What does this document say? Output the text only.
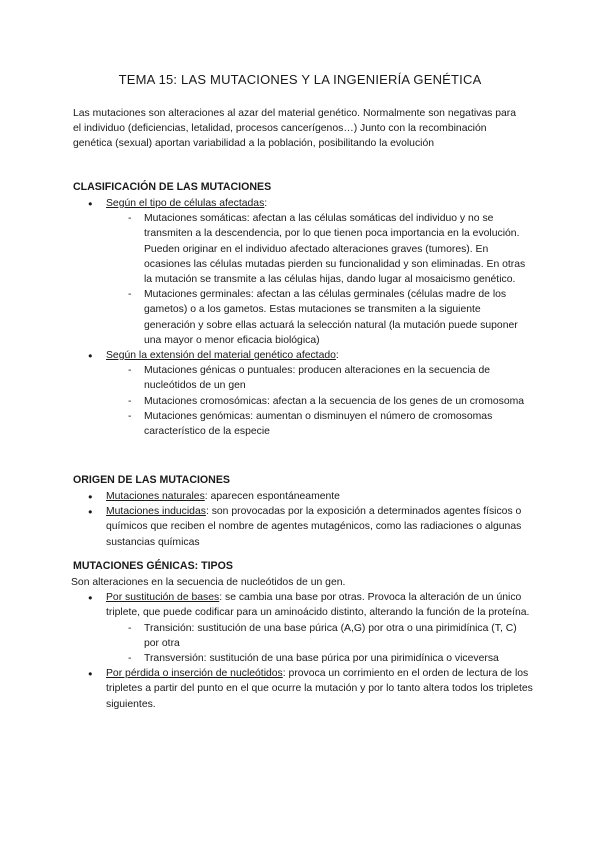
TEMA 15: LAS MUTACIONES Y LA INGENIERÍA GENÉTICA

Las mutaciones son alteraciones al azar del material genético. Normalmente son negativas para el individuo (deficiencias, letalidad, procesos cancerígenos…) Junto con la recombinación genética (sexual) aportan variabilidad a la población, posibilitando la evolución

CLASIFICACIÓN DE LAS MUTACIONES
● Según el tipo de células afectadas:
- Mutaciones somáticas: afectan a las células somáticas del individuo y no se transmiten a la descendencia, por lo que tienen poca importancia en la evolución. Pueden originar en el individuo afectado alteraciones graves (tumores). En ocasiones las células mutadas pierden su funcionalidad y son eliminadas. En otras la mutación se transmite a las células hijas, dando lugar al mosaicismo genético.
- Mutaciones germinales: afectan a las células germinales (células madre de los gametos) o a los gametos. Estas mutaciones se transmiten a la siguiente generación y sobre ellas actuará la selección natural (la mutación puede suponer una mayor o menor eficacia biológica)
● Según la extensión del material genético afectado:
- Mutaciones génicas o puntuales: producen alteraciones en la secuencia de nucleótidos de un gen
- Mutaciones cromosómicas: afectan a la secuencia de los genes de un cromosoma
- Mutaciones genómicas: aumentan o disminuyen el número de cromosomas característico de la especie
ORIGEN DE LAS MUTACIONES
● Mutaciones naturales: aparecen espontáneamente
● Mutaciones inducidas: son provocadas por la exposición a determinados agentes físicos o químicos que reciben el nombre de agentes mutagénicos, como las radiaciones o algunas sustancias químicas
MUTACIONES GÉNICAS: TIPOS

Son alteraciones en la secuencia de nucleótidos de un gen.

● Por sustitución de bases: se cambia una base por otras. Provoca la alteración de un único triplete, que puede codificar para un aminoácido distinto, alterando la función de la proteína.
- Transición: sustitución de una base púrica (A,G) por otra o una pirimidínica (T, C) por otra
- Transversión: sustitución de una base púrica por una pirimidínica o viceversa
● Por pérdida o inserción de nucleótidos: provoca un corrimiento en el orden de lectura de los tripletes a partir del punto en el que ocurre la mutación y por lo tanto altera todos los tripletes siguientes.
